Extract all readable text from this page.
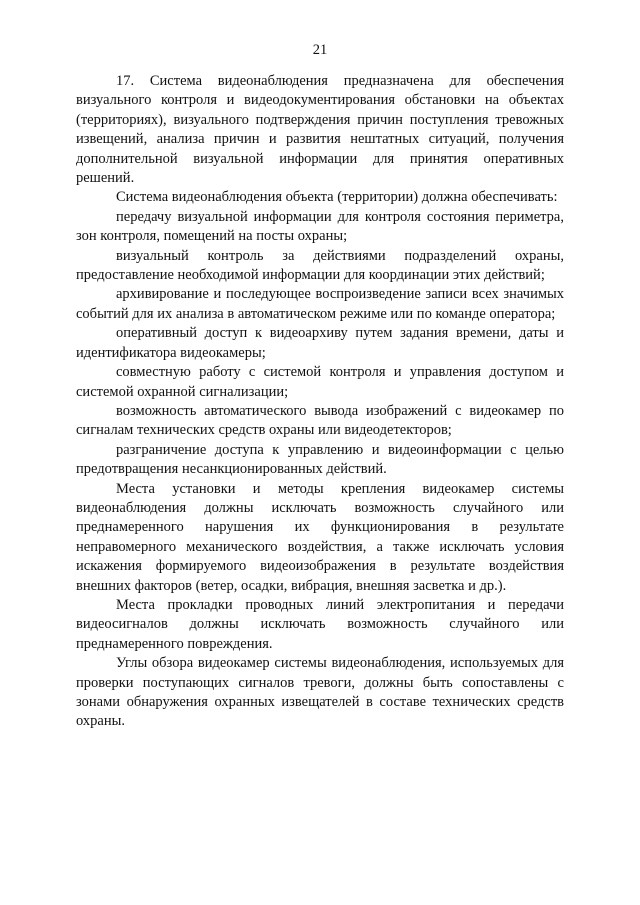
21

17. Система видеонаблюдения предназначена для обеспечения визуального контроля и видеодокументирования обстановки на объектах (территориях), визуального подтверждения причин поступления тревожных извещений, анализа причин и развития нештатных ситуаций, получения дополнительной визуальной информации для принятия оперативных решений.

Система видеонаблюдения объекта (территории) должна обеспечивать:

передачу визуальной информации для контроля состояния периметра, зон контроля, помещений на посты охраны;

визуальный контроль за действиями подразделений охраны, предоставление необходимой информации для координации этих действий;

архивирование и последующее воспроизведение записи всех значимых событий для их анализа в автоматическом режиме или по команде оператора;

оперативный доступ к видеоархиву путем задания времени, даты и идентификатора видеокамеры;

совместную работу с системой контроля и управления доступом и системой охранной сигнализации;

возможность автоматического вывода изображений с видеокамер по сигналам технических средств охраны или видеодетекторов;

разграничение доступа к управлению и видеоинформации с целью предотвращения несанкционированных действий.

Места установки и методы крепления видеокамер системы видеонаблюдения должны исключать возможность случайного или преднамеренного нарушения их функционирования в результате неправомерного механического воздействия, а также исключать условия искажения формируемого видеоизображения в результате воздействия внешних факторов (ветер, осадки, вибрация, внешняя засветка и др.).

Места прокладки проводных линий электропитания и передачи видеосигналов должны исключать возможность случайного или преднамеренного повреждения.

Углы обзора видеокамер системы видеонаблюдения, используемых для проверки поступающих сигналов тревоги, должны быть сопоставлены с зонами обнаружения охранных извещателей в составе технических средств охраны.
